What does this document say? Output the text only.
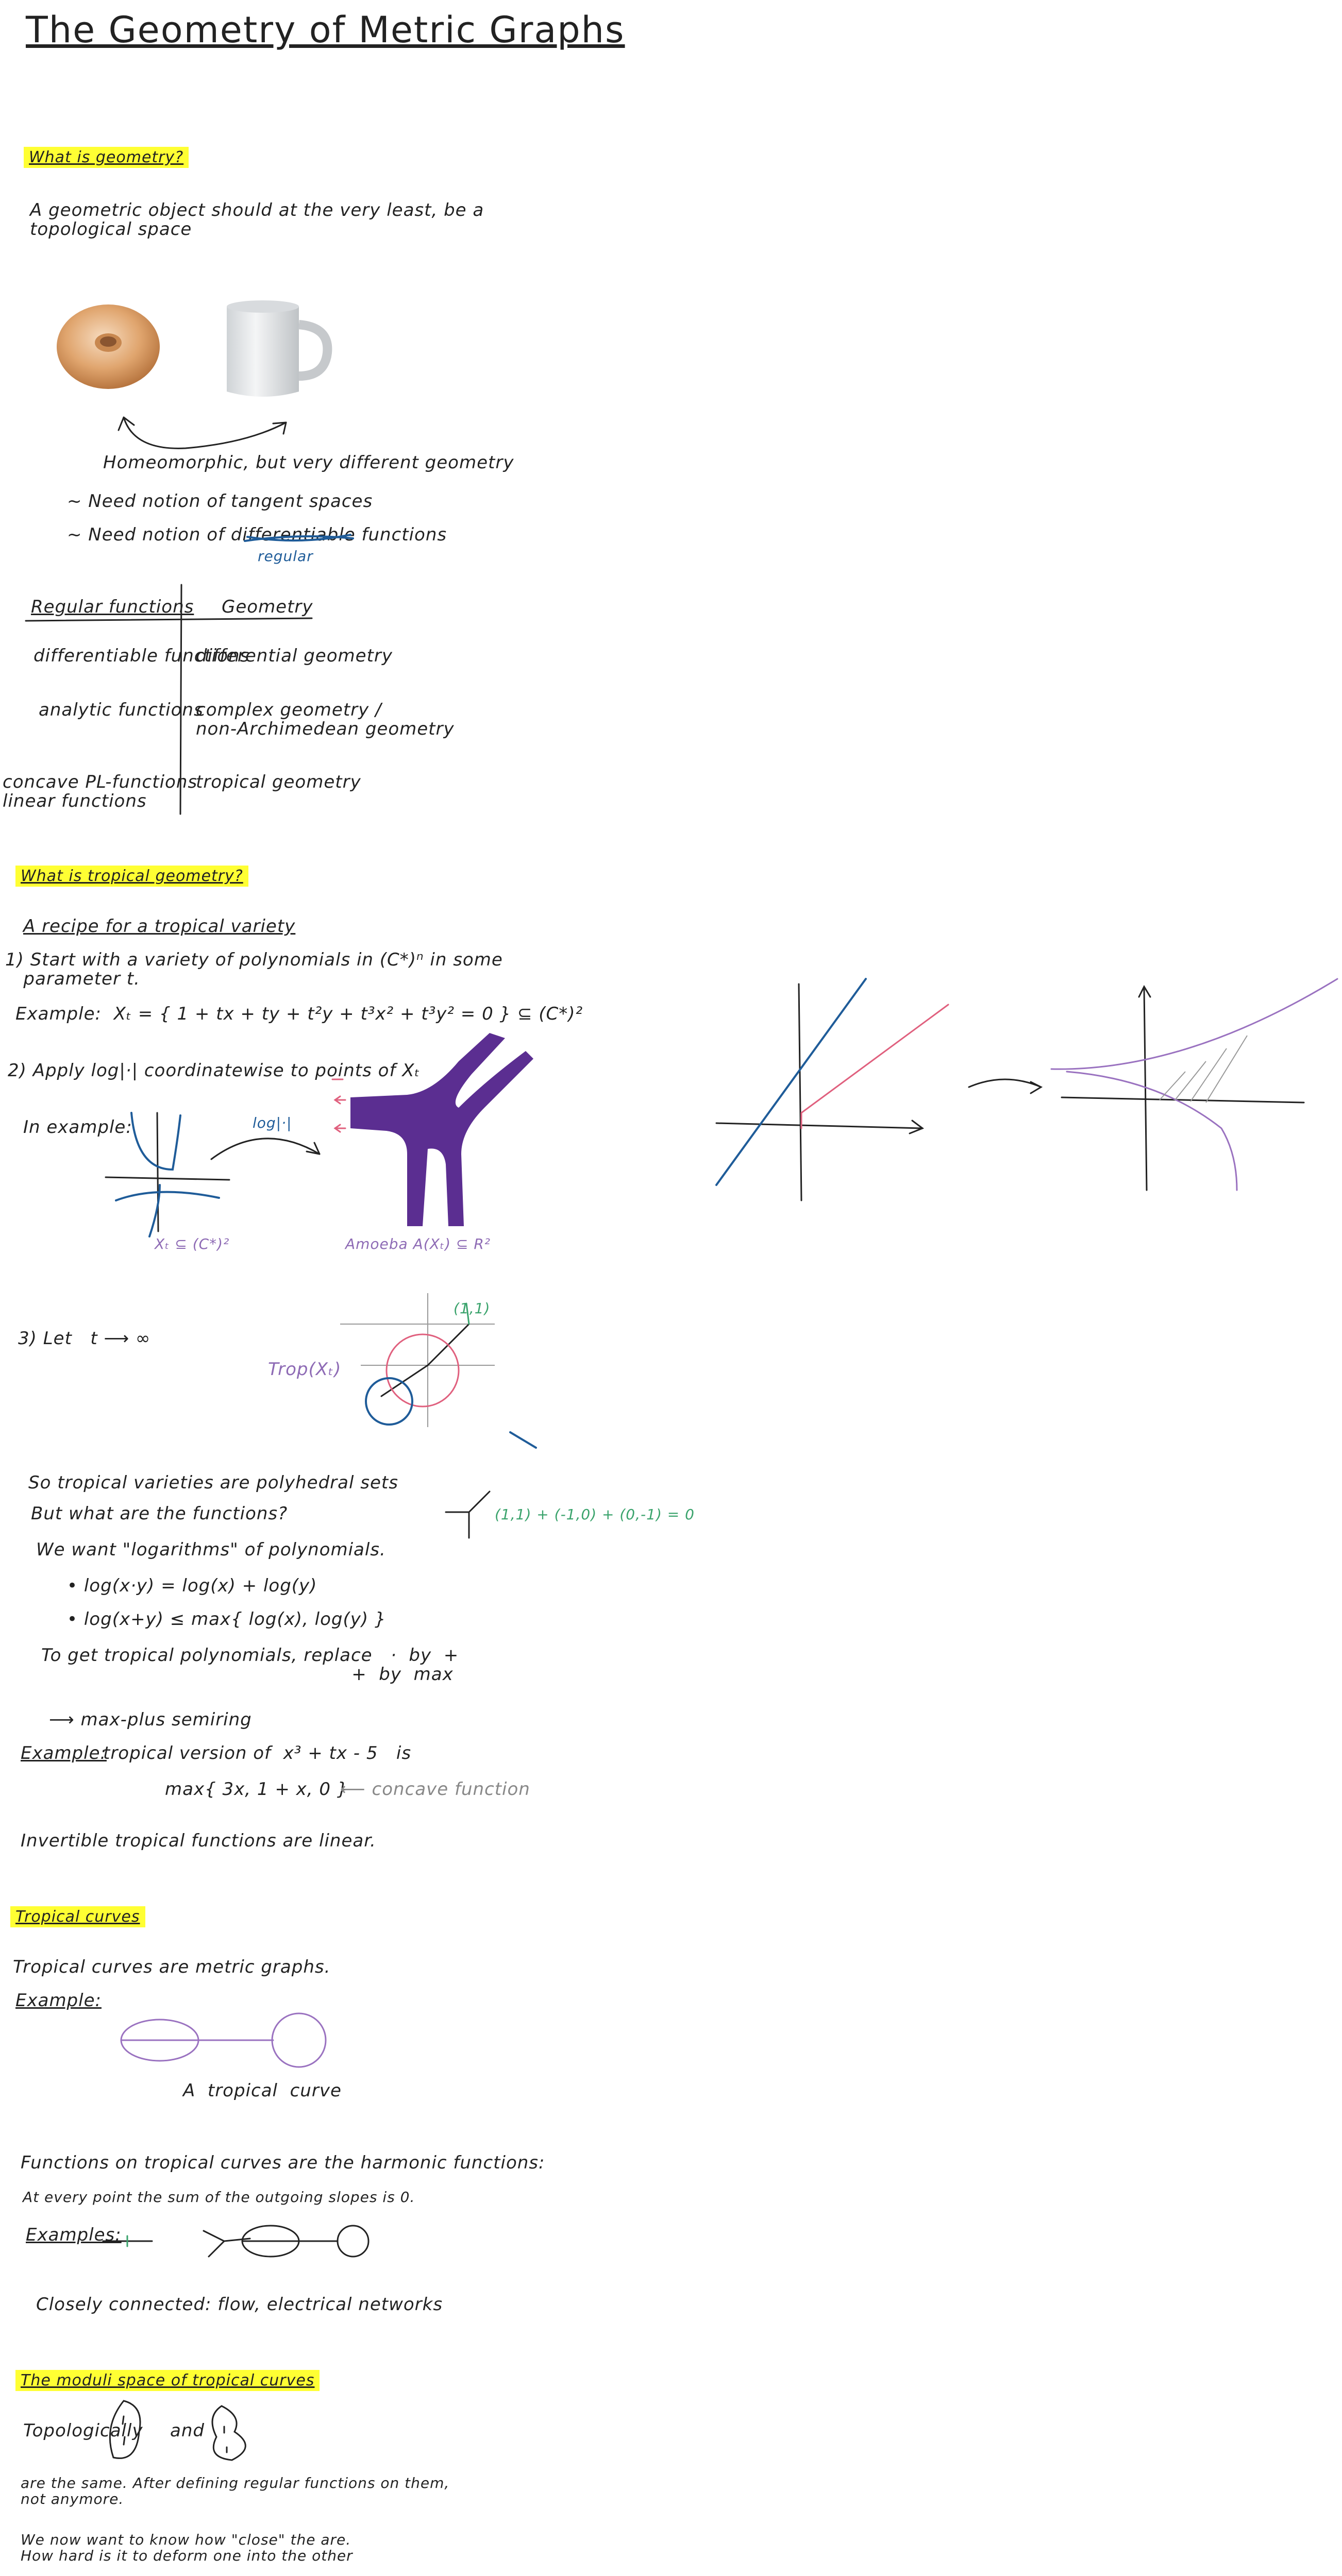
The Geometry of Metric Graphs
What is geometry?
A geometric object should at the very least, be a
topological space
Homeomorphic, but very different geometry
~ Need notion of tangent spaces
~ Need notion of differentiable functions
regular
Regular functions Geometry
differentiable functions
differential geometry
analytic functions
complex geometry /
non-Archimedean geometry
concave PL-functions
linear functions
tropical geometry
What is tropical geometry?
A recipe for a tropical variety
1) Start with a variety of polynomials in (C*)ⁿ in some
parameter t.
Example:  Xₜ = { 1 + tx + ty + t²y + t³x² + t³y² = 0 } ⊆ (C*)²
2) Apply log|·| coordinatewise to points of Xₜ
In example:
Xₜ ⊆ (C*)²
log|·|
Amoeba A(Xₜ) ⊆ R²
3) Let   t ⟶ ∞
Trop(Xₜ)
(1,1)
(1,1) + (-1,0) + (0,-1) = 0
So tropical varieties are polyhedral sets
But what are the functions?
We want "logarithms" of polynomials.
• log(x·y) = log(x) + log(y)
• log(x+y) ≤ max{ log(x), log(y) }
To get tropical polynomials, replace   ·  by  +
+  by  max
⟶ max-plus semiring
Example:
tropical version of  x³ + tx - 5   is
max{ 3x, 1 + x, 0 }
⟵ concave function
Invertible tropical functions are linear.
Tropical curves
Tropical curves are metric graphs.
Example:
A  tropical  curve
Functions on tropical curves are the harmonic functions:
At every point the sum of the outgoing slopes is 0.
Examples:
Closely connected: flow, electrical networks
The moduli space of tropical curves
Topologically and
are the same. After defining regular functions on them,
not anymore.
We now want to know how "close" the are.
How hard is it to deform one into the other
